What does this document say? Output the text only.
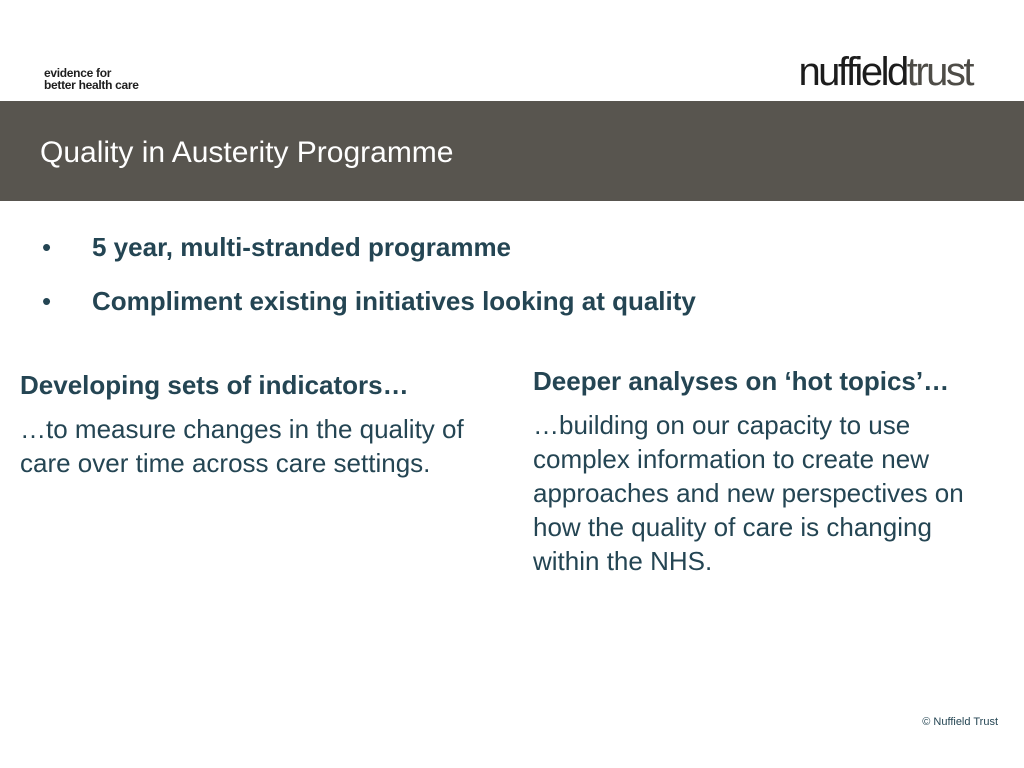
evidence for
better health care	nuffieldtrust
Quality in Austerity Programme
• 5 year, multi-stranded programme
• Compliment existing initiatives looking at quality
Developing sets of indicators…

…to measure changes in the quality of care over time across care settings.

Deeper analyses on ‘hot topics’…

…building on our capacity to use complex information to create new approaches and new perspectives on how the quality of care is changing within the NHS.

© Nuffield Trust
